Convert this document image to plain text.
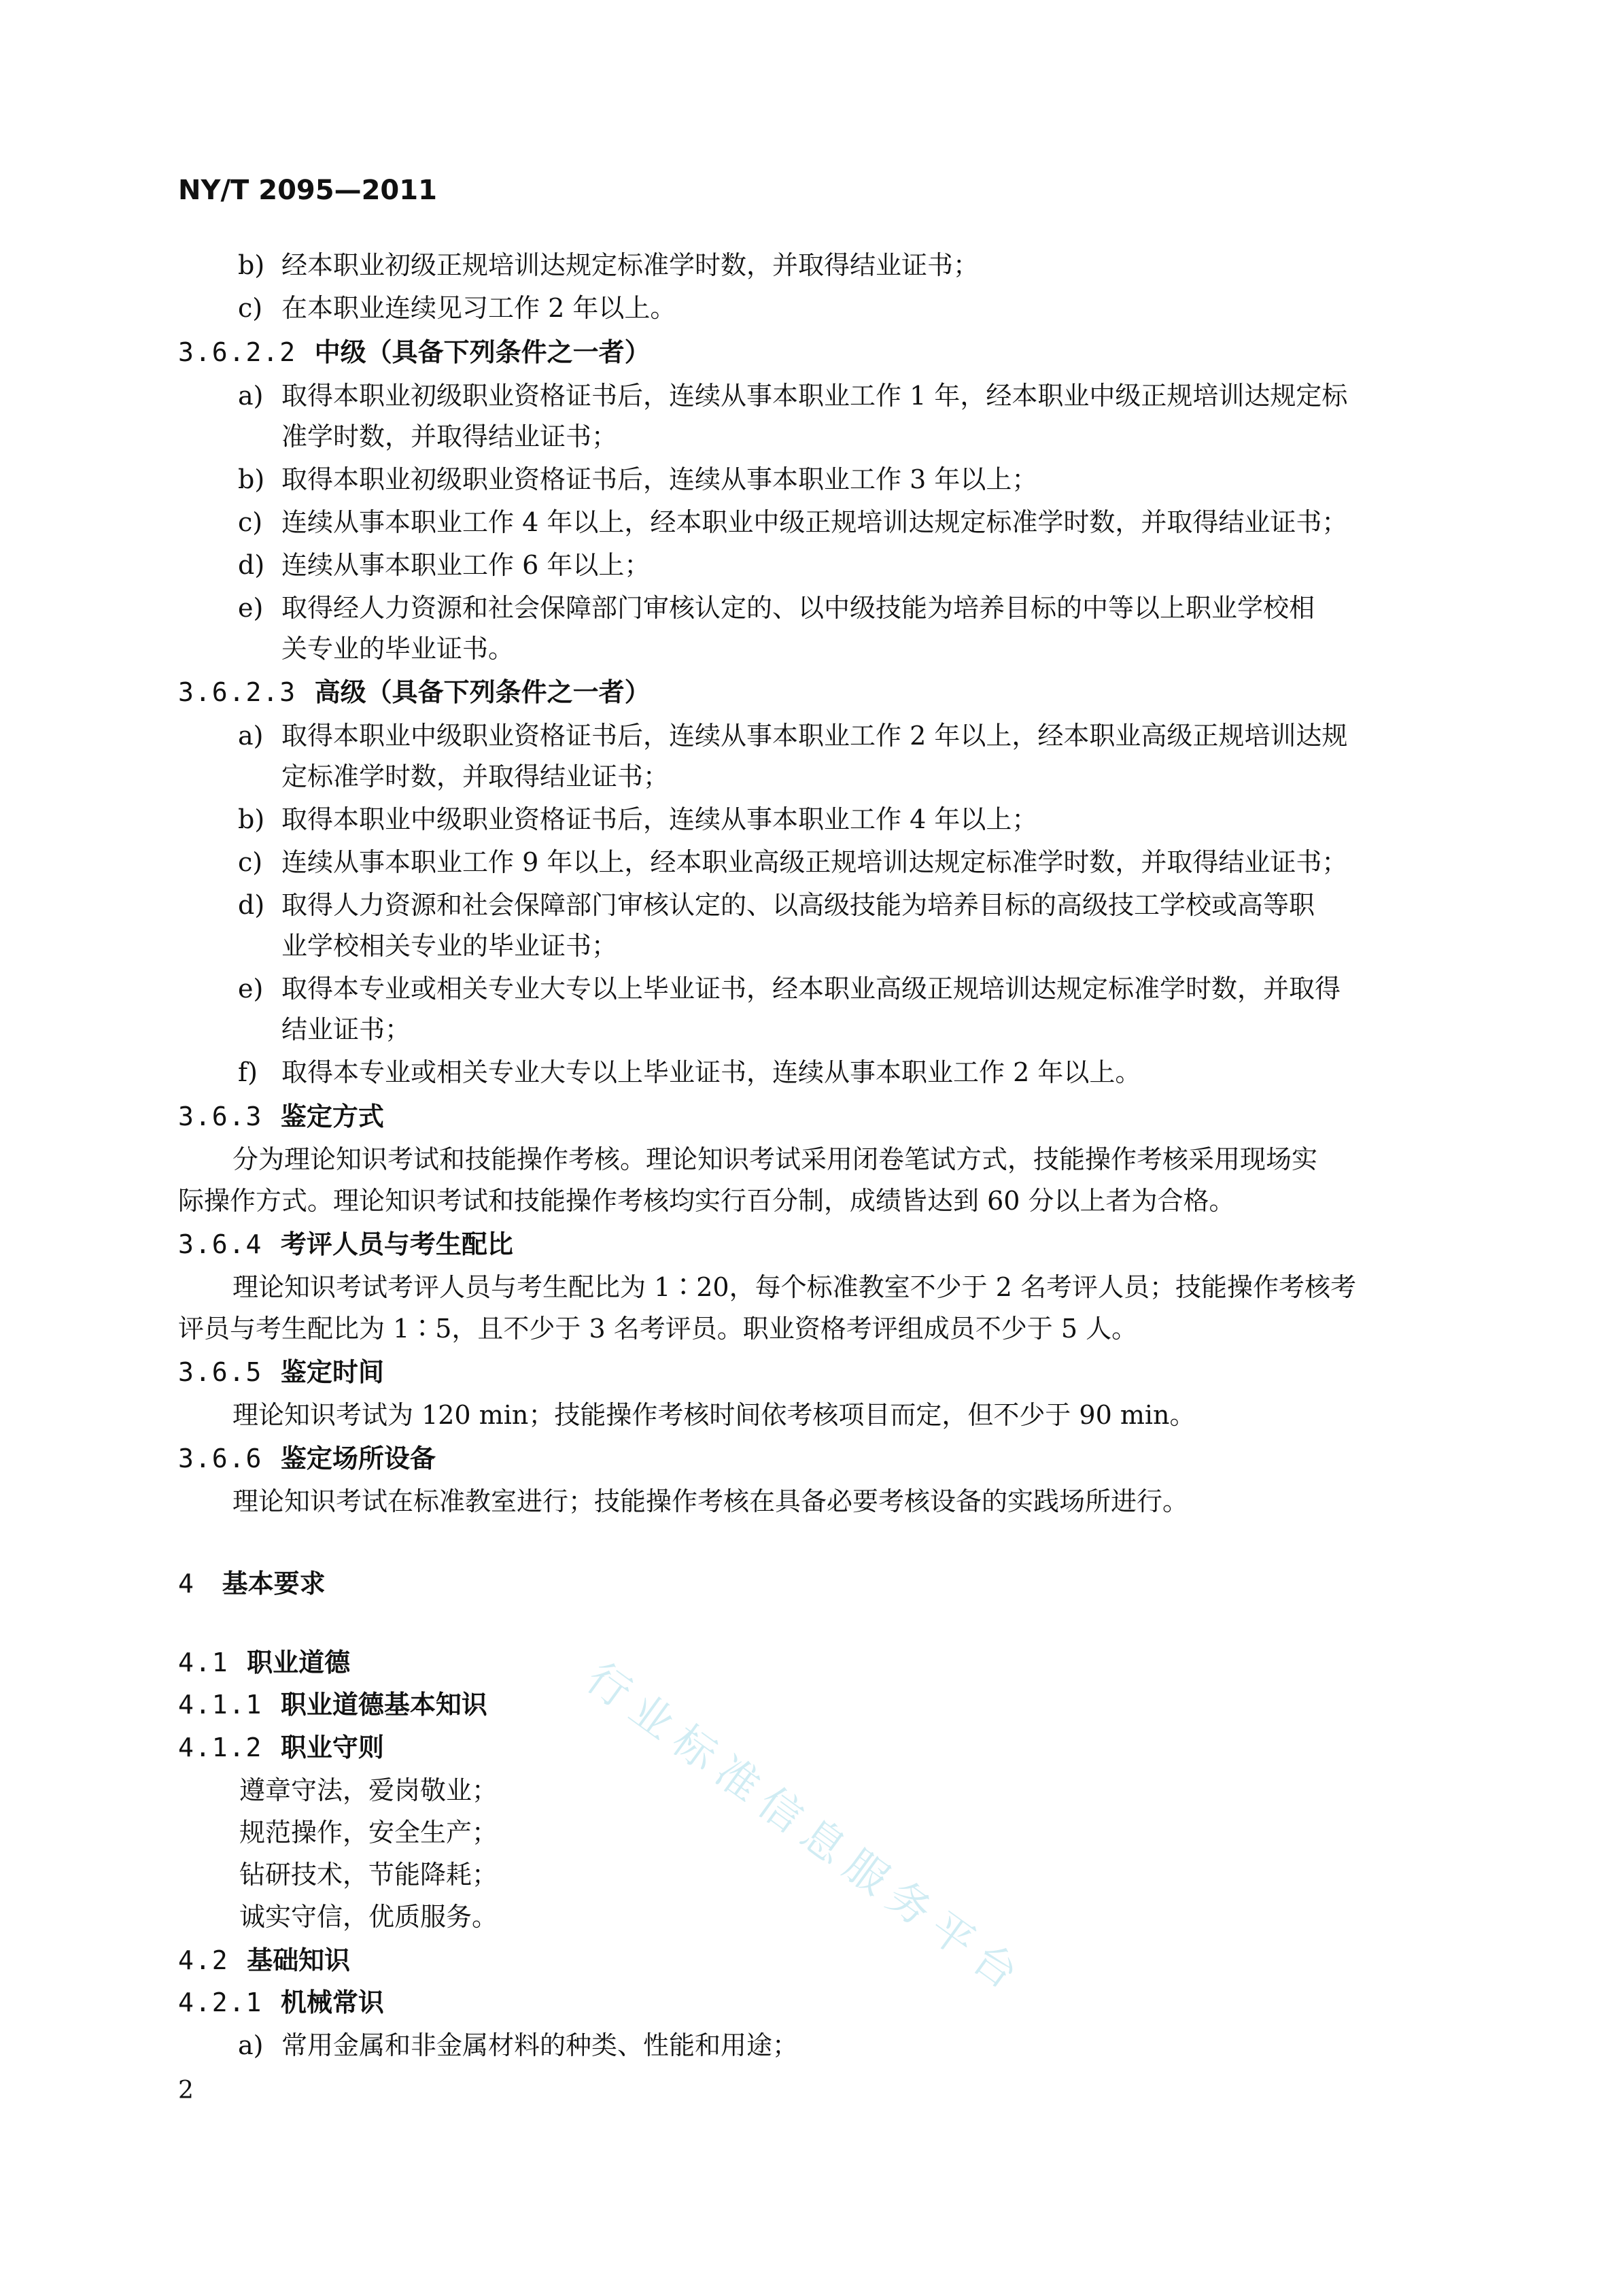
NY/T 2095—2011
b) 经本职业初级正规培训达规定标准学时数，并取得结业证书；
c) 在本职业连续见习工作 2 年以上。
3.6.2.2 中级（具备下列条件之一者）
a) 取得本职业初级职业资格证书后，连续从事本职业工作 1 年，经本职业中级正规培训达规定标
准学时数，并取得结业证书；
b) 取得本职业初级职业资格证书后，连续从事本职业工作 3 年以上；
c) 连续从事本职业工作 4 年以上，经本职业中级正规培训达规定标准学时数，并取得结业证书；
d) 连续从事本职业工作 6 年以上；
e) 取得经人力资源和社会保障部门审核认定的、以中级技能为培养目标的中等以上职业学校相
关专业的毕业证书。
3.6.2.3 高级（具备下列条件之一者）
a) 取得本职业中级职业资格证书后，连续从事本职业工作 2 年以上，经本职业高级正规培训达规
定标准学时数，并取得结业证书；
b) 取得本职业中级职业资格证书后，连续从事本职业工作 4 年以上；
c) 连续从事本职业工作 9 年以上，经本职业高级正规培训达规定标准学时数，并取得结业证书；
d) 取得人力资源和社会保障部门审核认定的、以高级技能为培养目标的高级技工学校或高等职
业学校相关专业的毕业证书；
e) 取得本专业或相关专业大专以上毕业证书，经本职业高级正规培训达规定标准学时数，并取得
结业证书；
f) 取得本专业或相关专业大专以上毕业证书，连续从事本职业工作 2 年以上。
3.6.3 鉴定方式
分为理论知识考试和技能操作考核。理论知识考试采用闭卷笔试方式，技能操作考核采用现场实
际操作方式。理论知识考试和技能操作考核均实行百分制，成绩皆达到 60 分以上者为合格。
3.6.4 考评人员与考生配比
理论知识考试考评人员与考生配比为 1∶20，每个标准教室不少于 2 名考评人员；技能操作考核考
评员与考生配比为 1∶5，且不少于 3 名考评员。职业资格考评组成员不少于 5 人。
3.6.5 鉴定时间
理论知识考试为 120 min；技能操作考核时间依考核项目而定，但不少于 90 min。
3.6.6 鉴定场所设备
理论知识考试在标准教室进行；技能操作考核在具备必要考核设备的实践场所进行。
4 基本要求
4.1 职业道德
4.1.1 职业道德基本知识
4.1.2 职业守则
遵章守法，爱岗敬业；
规范操作，安全生产；
钻研技术，节能降耗；
诚实守信，优质服务。
4.2 基础知识
4.2.1 机械常识
a) 常用金属和非金属材料的种类、性能和用途；
行业标准信息服务平台
2
